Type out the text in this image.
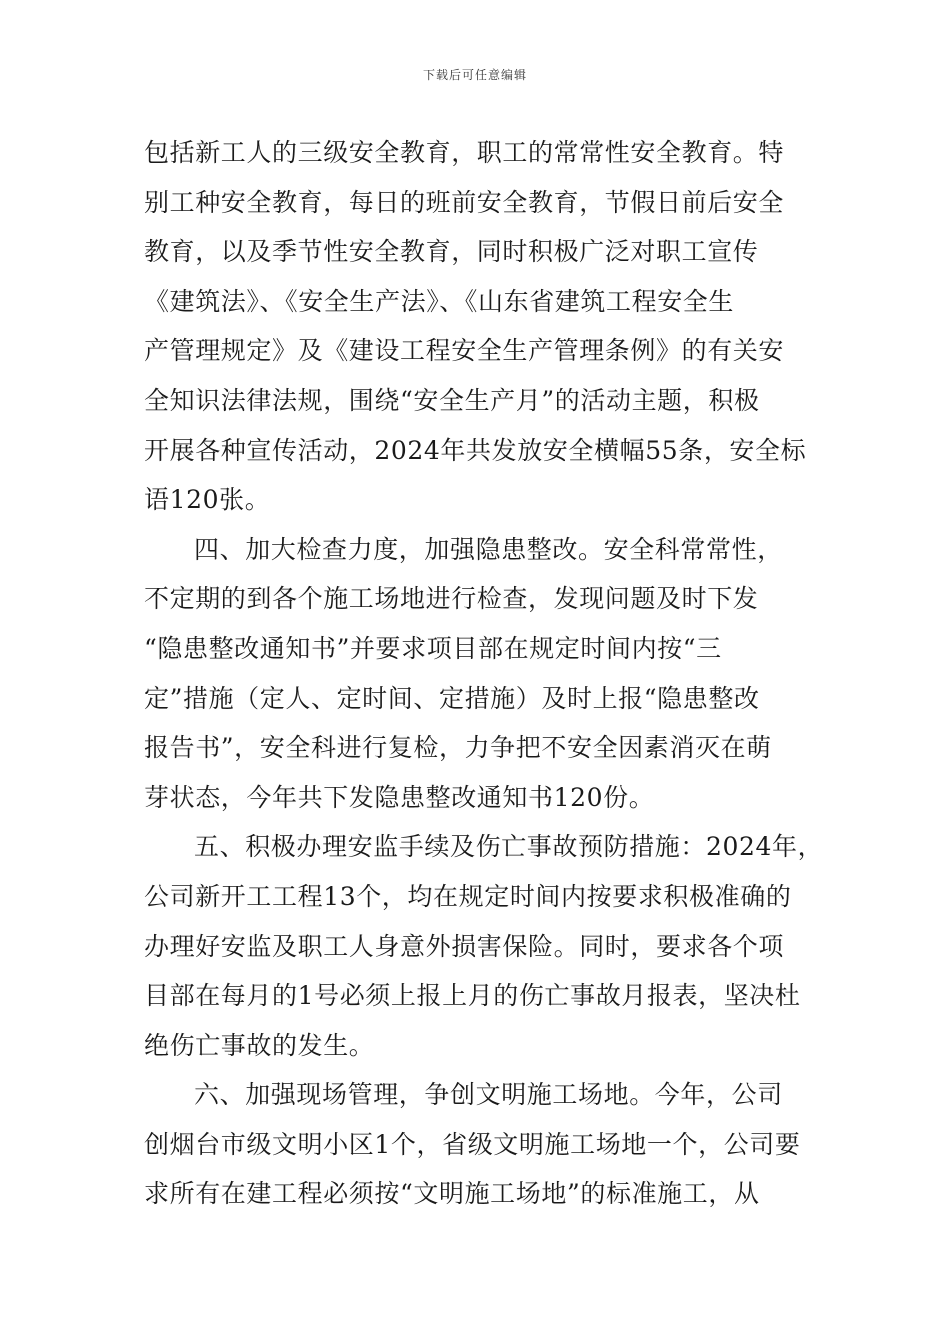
下载后可任意编辑

包括新工人的三级安全教育，职工的常常性安全教育。特
别工种安全教育，每日的班前安全教育，节假日前后安全
教育，以及季节性安全教育，同时积极广泛对职工宣传
《建筑法》、《安全生产法》、《山东省建筑工程安全生
产管理规定》及《建设工程安全生产管理条例》的有关安
全知识法律法规，围绕“安全生产月”的活动主题，积极
开展各种宣传活动，2024年共发放安全横幅55条，安全标
语120张。

四、加大检查力度，加强隐患整改。安全科常常性，
不定期的到各个施工场地进行检查，发现问题及时下发
“隐患整改通知书”并要求项目部在规定时间内按“三
定”措施（定人、定时间、定措施）及时上报“隐患整改
报告书”，安全科进行复检，力争把不安全因素消灭在萌
芽状态，今年共下发隐患整改通知书120份。

五、积极办理安监手续及伤亡事故预防措施：2024年，
公司新开工工程13个，均在规定时间内按要求积极准确的
办理好安监及职工人身意外损害保险。同时，要求各个项
目部在每月的1号必须上报上月的伤亡事故月报表，坚决杜
绝伤亡事故的发生。

六、加强现场管理，争创文明施工场地。今年，公司
创烟台市级文明小区1个，省级文明施工场地一个，公司要
求所有在建工程必须按“文明施工场地”的标准施工，从
